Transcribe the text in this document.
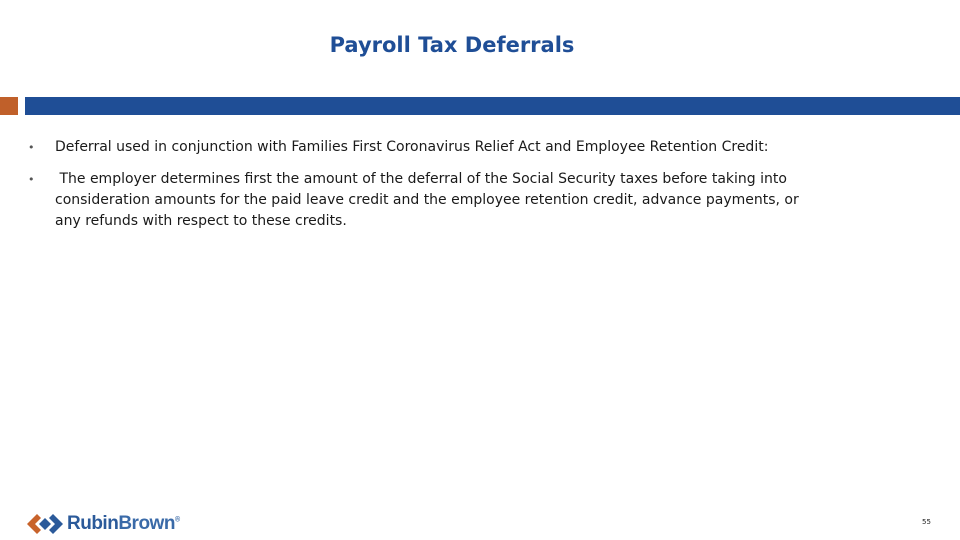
Payroll Tax Deferrals
• Deferral used in conjunction with Families First Coronavirus Relief Act and Employee Retention Credit:
• The employer determines first the amount of the deferral of the Social Security taxes before taking into consideration amounts for the paid leave credit and the employee retention credit, advance payments, or any refunds with respect to these credits.
RubinBrown®	55
